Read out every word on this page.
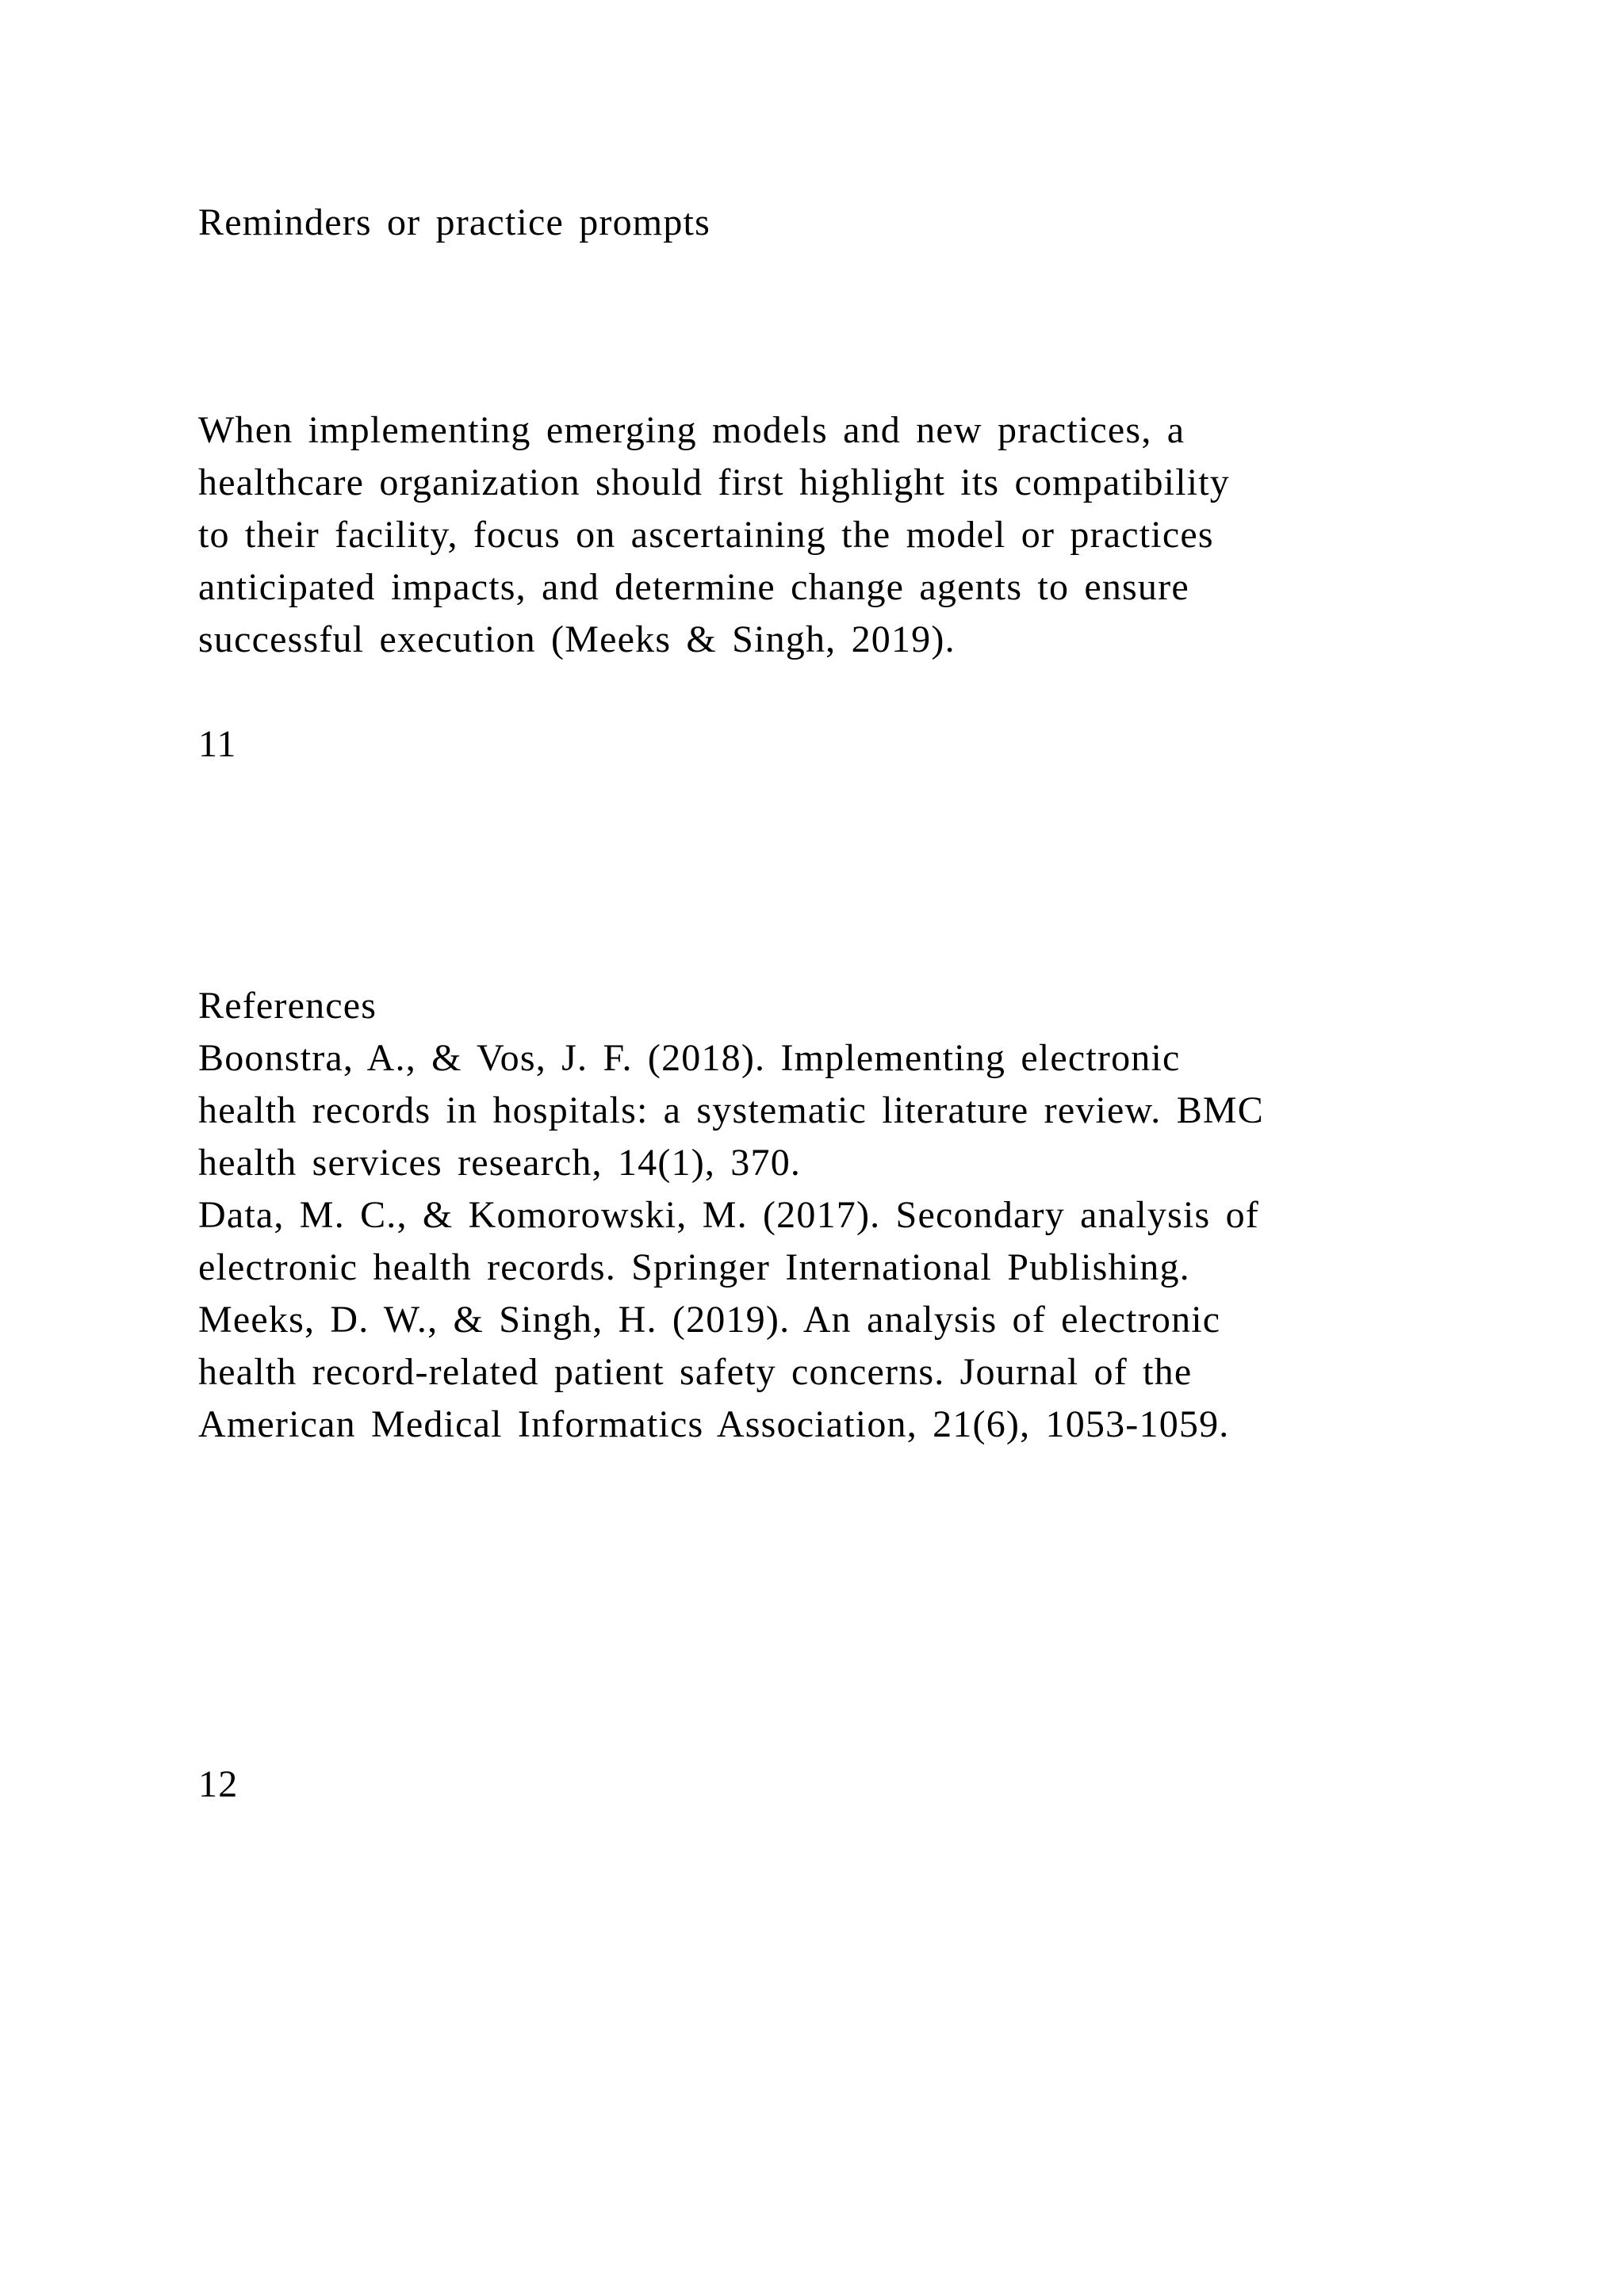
Reminders or practice prompts
When implementing emerging models and new practices, a
healthcare organization should first highlight its compatibility
to their facility, focus on ascertaining the model or practices
anticipated impacts, and determine change agents to ensure
successful execution (Meeks & Singh, 2019).
11
References
Boonstra, A., & Vos, J. F. (2018). Implementing electronic
health records in hospitals: a systematic literature review. BMC
health services research, 14(1), 370.
Data, M. C., & Komorowski, M. (2017). Secondary analysis of
electronic health records. Springer International Publishing.
Meeks, D. W., & Singh, H. (2019). An analysis of electronic
health record-related patient safety concerns. Journal of the
American Medical Informatics Association, 21(6), 1053-1059.
12
